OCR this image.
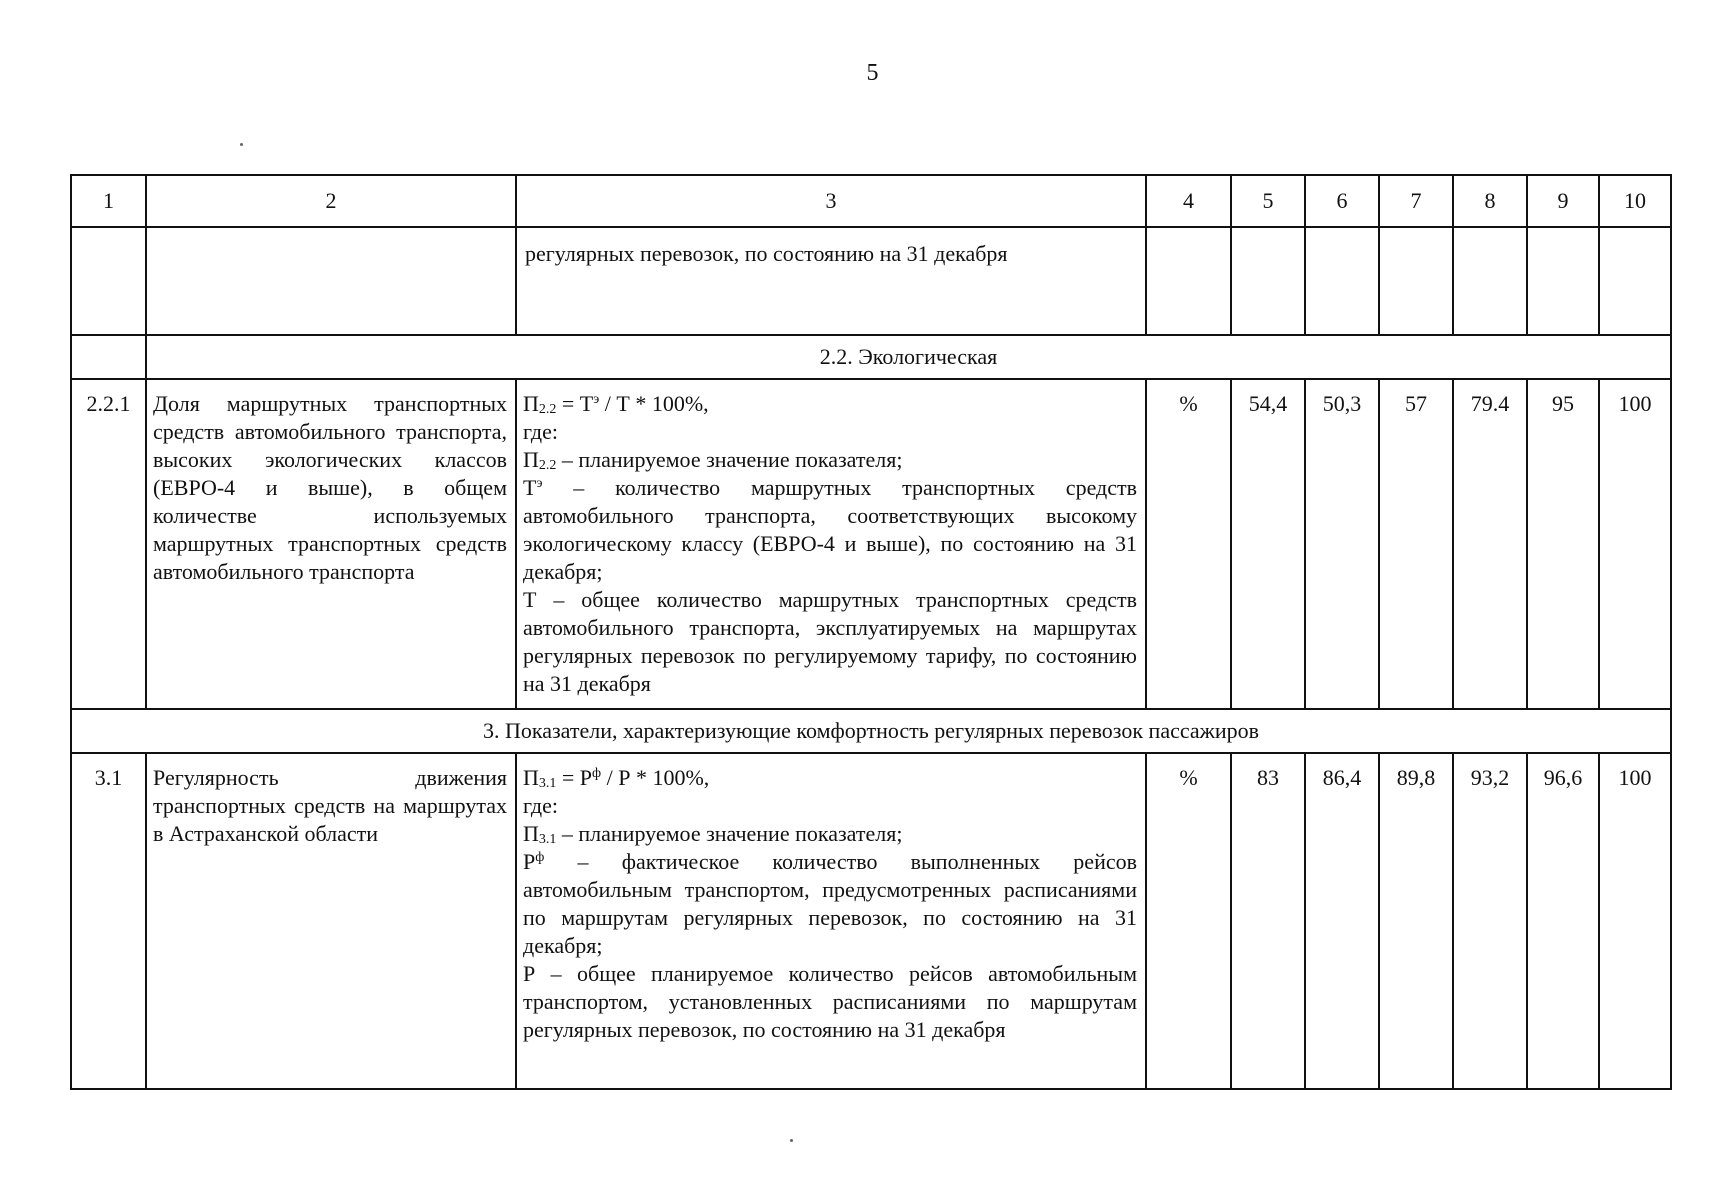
5
1	2	3	4	5	6	7	8	9	10
		регулярных перевозок, по состоянию на 31 декабря							
	2.2. Экологическая								
2.2.1	Доля маршрутных транспортных средств автомобильного транспорта, высоких экологических классов (ЕВРО-4 и выше), в общем количестве используемых маршрутных транспортных средств автомобильного транспорта	$П_{2.2} = Т^э / Т * 100\%$,
где:
$П_{2.2}$ – планируемое значение показателя;
$Т^э$ – количество маршрутных транспортных средств автомобильного транспорта, соответствующих высокому экологическому классу (ЕВРО-4 и выше), по состоянию на 31 декабря;
Т – общее количество маршрутных транспортных средств автомобильного транспорта, эксплуатируемых на маршрутах регулярных перевозок по регулируемому тарифу, по состоянию на 31 декабря	%	54,4	50,3	57	79.4	95	100
3. Показатели, характеризующие комфортность регулярных перевозок пассажиров									
3.1	Регулярность движения транспортных средств на маршрутах в Астраханской области	$П_{3.1} = Р^ф / Р * 100\%$,
где:
$П_{3.1}$ – планируемое значение показателя;
$Р^ф$ – фактическое количество выполненных рейсов автомобильным транспортом, предусмотренных расписаниями по маршрутам регулярных перевозок, по состоянию на 31 декабря;
Р – общее планируемое количество рейсов автомобильным транспортом, установленных расписаниями по маршрутам регулярных перевозок, по состоянию на 31 декабря	%	83	86,4	89,8	93,2	96,6	100
